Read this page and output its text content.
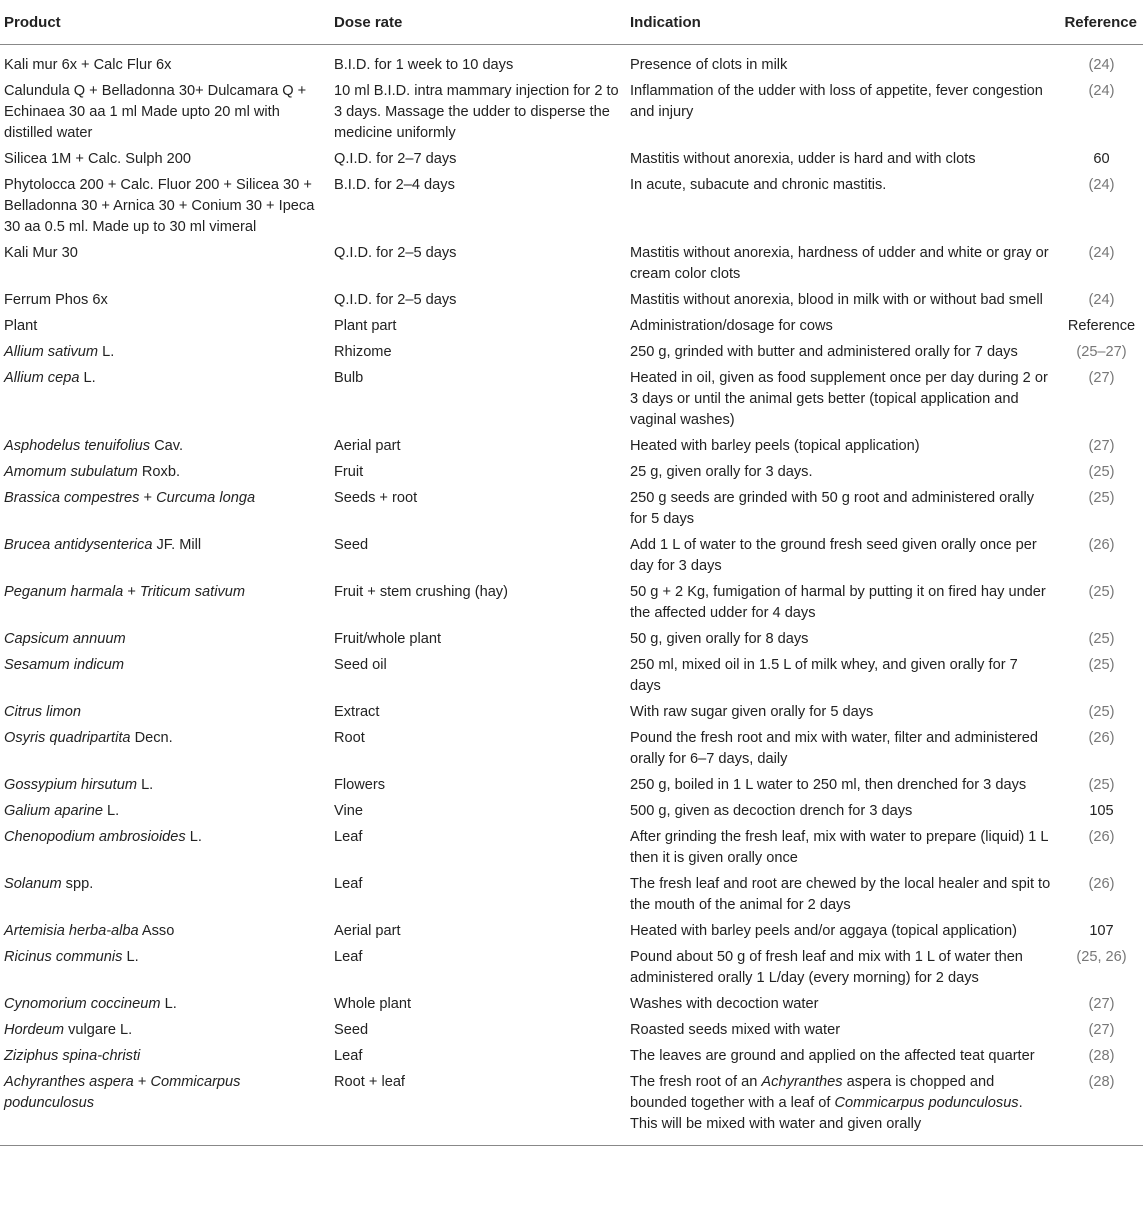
Product	Dose rate	Indication	Reference
Kali mur 6x + Calc Flur 6x	B.I.D. for 1 week to 10 days	Presence of clots in milk	(24)
Calundula Q + Belladonna 30+ Dulcamara Q + Echinaea 30 aa 1 ml Made upto 20 ml with distilled water	10 ml B.I.D. intra mammary injection for 2 to 3 days. Massage the udder to disperse the medicine uniformly	Inflammation of the udder with loss of appetite, fever congestion and injury	(24)
Silicea 1M + Calc. Sulph 200	Q.I.D. for 2–7 days	Mastitis without anorexia, udder is hard and with clots	60
Phytolocca 200 + Calc. Fluor 200 + Silicea 30 + Belladonna 30 + Arnica 30 + Conium 30 + Ipeca 30 aa 0.5 ml. Made up to 30 ml vimeral	B.I.D. for 2–4 days	In acute, subacute and chronic mastitis.	(24)
Kali Mur 30	Q.I.D. for 2–5 days	Mastitis without anorexia, hardness of udder and white or gray or cream color clots	(24)
Ferrum Phos 6x	Q.I.D. for 2–5 days	Mastitis without anorexia, blood in milk with or without bad smell	(24)
Plant	Plant part	Administration/dosage for cows	Reference
Allium sativum L.	Rhizome	250 g, grinded with butter and administered orally for 7 days	(25–27)
Allium cepa L.	Bulb	Heated in oil, given as food supplement once per day during 2 or 3 days or until the animal gets better (topical application and vaginal washes)	(27)
Asphodelus tenuifolius Cav.	Aerial part	Heated with barley peels (topical application)	(27)
Amomum subulatum Roxb.	Fruit	25 g, given orally for 3 days.	(25)
Brassica compestres + Curcuma longa	Seeds + root	250 g seeds are grinded with 50 g root and administered orally for 5 days	(25)
Brucea antidysenterica JF. Mill	Seed	Add 1 L of water to the ground fresh seed given orally once per day for 3 days	(26)
Peganum harmala + Triticum sativum	Fruit + stem crushing (hay)	50 g + 2 Kg, fumigation of harmal by putting it on fired hay under the affected udder for 4 days	(25)
Capsicum annuum	Fruit/whole plant	50 g, given orally for 8 days	(25)
Sesamum indicum	Seed oil	250 ml, mixed oil in 1.5 L of milk whey, and given orally for 7 days	(25)
Citrus limon	Extract	With raw sugar given orally for 5 days	(25)
Osyris quadripartita Decn.	Root	Pound the fresh root and mix with water, filter and administered orally for 6–7 days, daily	(26)
Gossypium hirsutum L.	Flowers	250 g, boiled in 1 L water to 250 ml, then drenched for 3 days	(25)
Galium aparine L.	Vine	500 g, given as decoction drench for 3 days	105
Chenopodium ambrosioides L.	Leaf	After grinding the fresh leaf, mix with water to prepare (liquid) 1 L then it is given orally once	(26)
Solanum spp.	Leaf	The fresh leaf and root are chewed by the local healer and spit to the mouth of the animal for 2 days	(26)
Artemisia herba-alba Asso	Aerial part	Heated with barley peels and/or aggaya (topical application)	107
Ricinus communis L.	Leaf	Pound about 50 g of fresh leaf and mix with 1 L of water then administered orally 1 L/day (every morning) for 2 days	(25, 26)
Cynomorium coccineum L.	Whole plant	Washes with decoction water	(27)
Hordeum vulgare L.	Seed	Roasted seeds mixed with water	(27)
Ziziphus spina-christi	Leaf	The leaves are ground and applied on the affected teat quarter	(28)
Achyranthes aspera + Commicarpus podunculosus	Root + leaf	The fresh root of an Achyranthes aspera is chopped and bounded together with a leaf of Commicarpus podunculosus. This will be mixed with water and given orally	(28)
